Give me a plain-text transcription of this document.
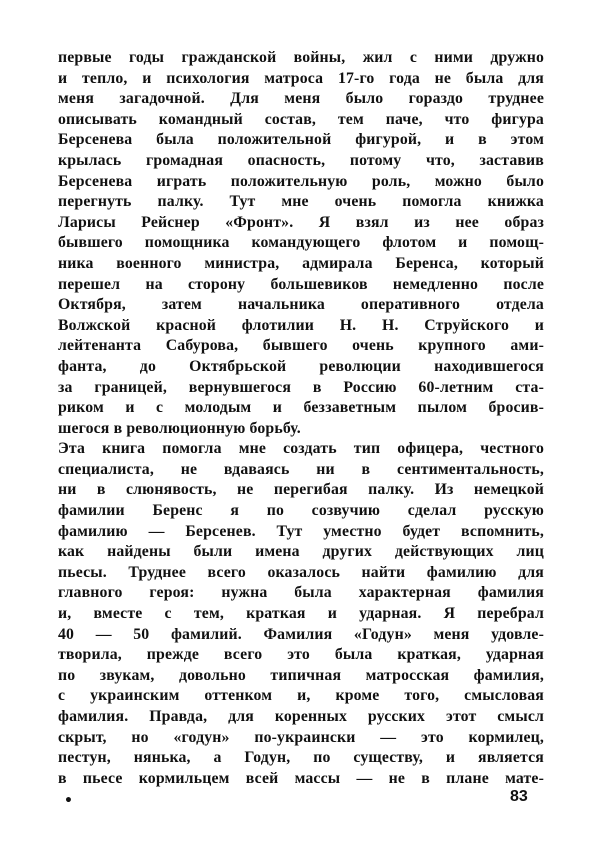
первые годы гражданской войны, жил с ними дружно
и тепло, и психология матроса 17-го года не была для
меня загадочной. Для меня было гораздо труднее
описывать командный состав, тем паче, что фигура
Берсенева была положительной фигурой, и в этом
крылась громадная опасность, потому что, заставив
Берсенева играть положительную роль, можно было
перегнуть палку. Тут мне очень помогла книжка
Ларисы Рейснер «Фронт». Я взял из нее образ
бывшего помощника командующего флотом и помощ-
ника военного министра, адмирала Беренса, который
перешел на сторону большевиков немедленно после
Октября, затем начальника оперативного отдела
Волжской красной флотилии Н. Н. Струйского и
лейтенанта Сабурова, бывшего очень крупного ами-
фанта, до Октябрьской революции находившегося
за границей, вернувшегося в Россию 60-летним ста-
риком и с молодым и беззаветным пылом бросив-
шегося в революционную борьбу.
Эта книга помогла мне создать тип офицера, честного
специалиста, не вдаваясь ни в сентиментальность,
ни в слюнявость, не перегибая палку. Из немецкой
фамилии Беренс я по созвучию сделал русскую
фамилию — Берсенев. Тут уместно будет вспомнить,
как найдены были имена других действующих лиц
пьесы. Труднее всего оказалось найти фамилию для
главного героя: нужна была характерная фамилия
и, вместе с тем, краткая и ударная. Я перебрал
40 — 50 фамилий. Фамилия «Годун» меня удовле-
творила, прежде всего это была краткая, ударная
по звукам, довольно типичная матросская фамилия,
с украинским оттенком и, кроме того, смысловая
фамилия. Правда, для коренных русских этот смысл
скрыт, но «годун» по-украински — это кормилец,
пестун, нянька, а Годун, по существу, и является
в пьесе кормильцем всей массы — не в плане мате-
•	83
